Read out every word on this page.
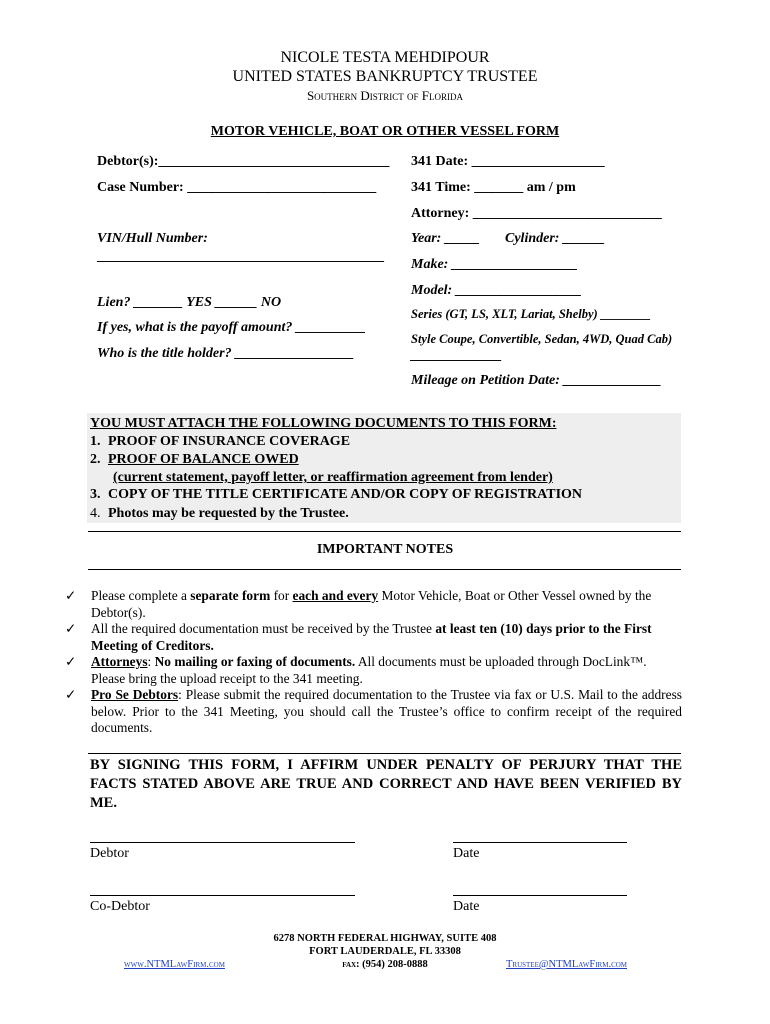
NICOLE TESTA MEHDIPOUR
UNITED STATES BANKRUPTCY TRUSTEE
Southern District of Florida
MOTOR VEHICLE, BOAT OR OTHER VESSEL FORM
Debtor(s):_________________________________
Case Number: ___________________________
VIN/Hull Number:
_________________________________________
Lien? _______ YES ______ NO
If yes, what is the payoff amount? __________
Who is the title holder? _________________
341 Date: ___________________
341 Time: _______ am / pm
Attorney: ___________________________
Year: _____ Cylinder: ______
Make: __________________
Model: __________________
Series (GT, LS, XLT, Lariat, Shelby) ________
Style Coupe, Convertible, Sedan, 4WD, Quad Cab)
_____________
Mileage on Petition Date: ______________
YOU MUST ATTACH THE FOLLOWING DOCUMENTS TO THIS FORM:
1. PROOF OF INSURANCE COVERAGE
2. PROOF OF BALANCE OWED
(current statement, payoff letter, or reaffirmation agreement from lender)
3. COPY OF THE TITLE CERTIFICATE AND/OR COPY OF REGISTRATION
4. Photos may be requested by the Trustee.
IMPORTANT NOTES

✓ Please complete a separate form for each and every Motor Vehicle, Boat or Other Vessel owned by the Debtor(s).

✓ All the required documentation must be received by the Trustee at least ten (10) days prior to the First Meeting of Creditors.

✓ Attorneys: No mailing or faxing of documents. All documents must be uploaded through DocLink™. Please bring the upload receipt to the 341 meeting.

✓ Pro Se Debtors: Please submit the required documentation to the Trustee via fax or U.S. Mail to the address below. Prior to the 341 Meeting, you should call the Trustee’s office to confirm receipt of the required documents.

BY SIGNING THIS FORM, I AFFIRM UNDER PENALTY OF PERJURY THAT THE FACTS STATED ABOVE ARE TRUE AND CORRECT AND HAVE BEEN VERIFIED BY ME.
Debtor	Date
Co-Debtor	Date
6278 NORTH FEDERAL HIGHWAY, SUITE 408
FORT LAUDERDALE, FL 33308
fax: (954) 208-0888
www.NTMLawFirm.com	Trustee@NTMLawFirm.com
